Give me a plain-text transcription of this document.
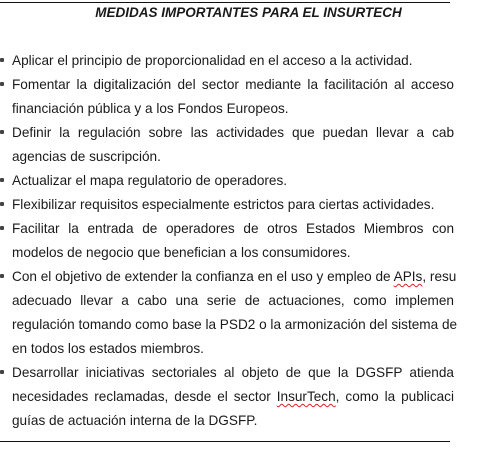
MEDIDAS IMPORTANTES PARA EL INSURTECH
Aplicar el principio de proporcionalidad en el acceso a la actividad.
Fomentar la digitalización del sector mediante la facilitación al acceso
financiación pública y a los Fondos Europeos.
Definir la regulación sobre las actividades que puedan llevar a cab
agencias de suscripción.
Actualizar el mapa regulatorio de operadores.
Flexibilizar requisitos especialmente estrictos para ciertas actividades.
Facilitar la entrada de operadores de otros Estados Miembros con
modelos de negocio que benefician a los consumidores.
Con el objetivo de extender la confianza en el uso y empleo de APIs, resu
adecuado llevar a cabo una serie de actuaciones, como implemen
regulación tomando como base la PSD2 o la armonización del sistema de
en todos los estados miembros.
Desarrollar iniciativas sectoriales al objeto de que la DGSFP atienda
necesidades reclamadas, desde el sector InsurTech, como la publicaci
guías de actuación interna de la DGSFP.
